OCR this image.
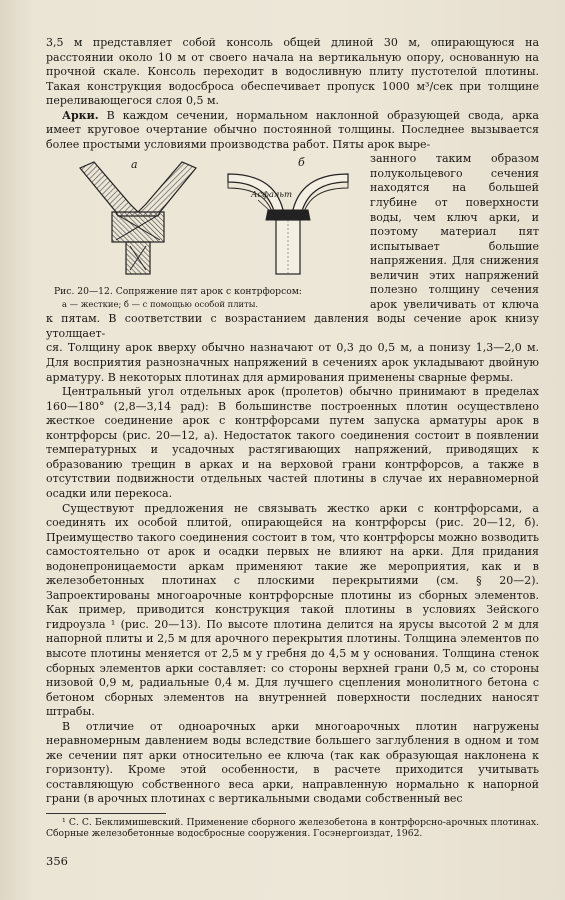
3,5 м представляет собой консоль общей длиной 30 м, опирающуюся на расстоянии около 10 м от своего начала на вертикальную опору, основанную на прочной скале. Консоль переходит в водосливную плиту пустотелой плотины. Такая конструкция водосброса обеспечивает пропуск 1000 м³/сек при толщине переливающегося слоя 0,5 м.

Арки. В каждом сечении, нормальном наклонной образующей свода, арка имеет круговое очертание обычно постоянной толщины. Последнее вызывается более простыми условиями производства работ. Пяты арок выре-

а	б
Асфальт
Рис. 20—12. Сопряжение пят арок с контрфорсом:
а — жесткие; б — с помощью особой плиты.

занного таким образом полукольцевого сечения находятся на большей глубине от поверхности воды, чем ключ арки, и поэтому материал пят испытывает большие напряжения. Для снижения величин этих напряжений полезно толщину сечения арок увеличивать от ключа к пятам. В соответствии с возрастанием давления воды сечение арок книзу утолщает-

ся. Толщину арок вверху обычно назначают от 0,3 до 0,5 м, а понизу 1,3—2,0 м. Для восприятия разнозначных напряжений в сечениях арок укладывают двойную арматуру. В некоторых плотинах для армирования применены сварные фермы.

Центральный угол отдельных арок (пролетов) обычно принимают в пределах 160—180° (2,8—3,14 рад): В большинстве построенных плотин осуществлено жесткое соединение арок с контрфорсами путем запуска арматуры арок в контрфорсы (рис. 20—12, а). Недостаток такого соединения состоит в появлении температурных и усадочных растягивающих напряжений, приводящих к образованию трещин в арках и на верховой грани контрфорсов, а также в отсутствии подвижности отдельных частей плотины в случае их неравномерной осадки или перекоса.

Существуют предложения не связывать жестко арки с контрфорсами, а соединять их особой плитой, опирающейся на контрфорсы (рис. 20—12, б). Преимущество такого соединения состоит в том, что контрфорсы можно возводить самостоятельно от арок и осадки первых не влияют на арки. Для придания водонепроницаемости аркам применяют такие же мероприятия, как и в железобетонных плотинах с плоскими перекрытиями (см. § 20—2). Запроектированы многоарочные контрфорсные плотины из сборных элементов. Как пример, приводится конструкция такой плотины в условиях Зейского гидроузла ¹ (рис. 20—13). По высоте плотина делится на ярусы высотой 2 м для напорной плиты и 2,5 м для арочного перекрытия плотины. Толщина элементов по высоте плотины меняется от 2,5 м у гребня до 4,5 м у основания. Толщина стенок сборных элементов арки составляет: со стороны верхней грани 0,5 м, со стороны низовой 0,9 м, радиальные 0,4 м. Для лучшего сцепления монолитного бетона с бетоном сборных элементов на внутренней поверхности последних наносят штрабы.

В отличие от одноарочных арки многоарочных плотин нагружены неравномерным давлением воды вследствие большего заглубления в одном и том же сечении пят арки относительно ее ключа (так как образующая наклонена к горизонту). Кроме этой особенности, в расчете приходится учитывать составляющую собственного веса арки, направленную нормально к напорной грани (в арочных плотинах с вертикальными сводами собственный вес

¹ С. С. Беклимишевский. Применение сборного железобетона в контрфорсно-арочных плотинах. Сборные железобетонные водосбросные сооружения. Госэнергоиздат, 1962.

356
